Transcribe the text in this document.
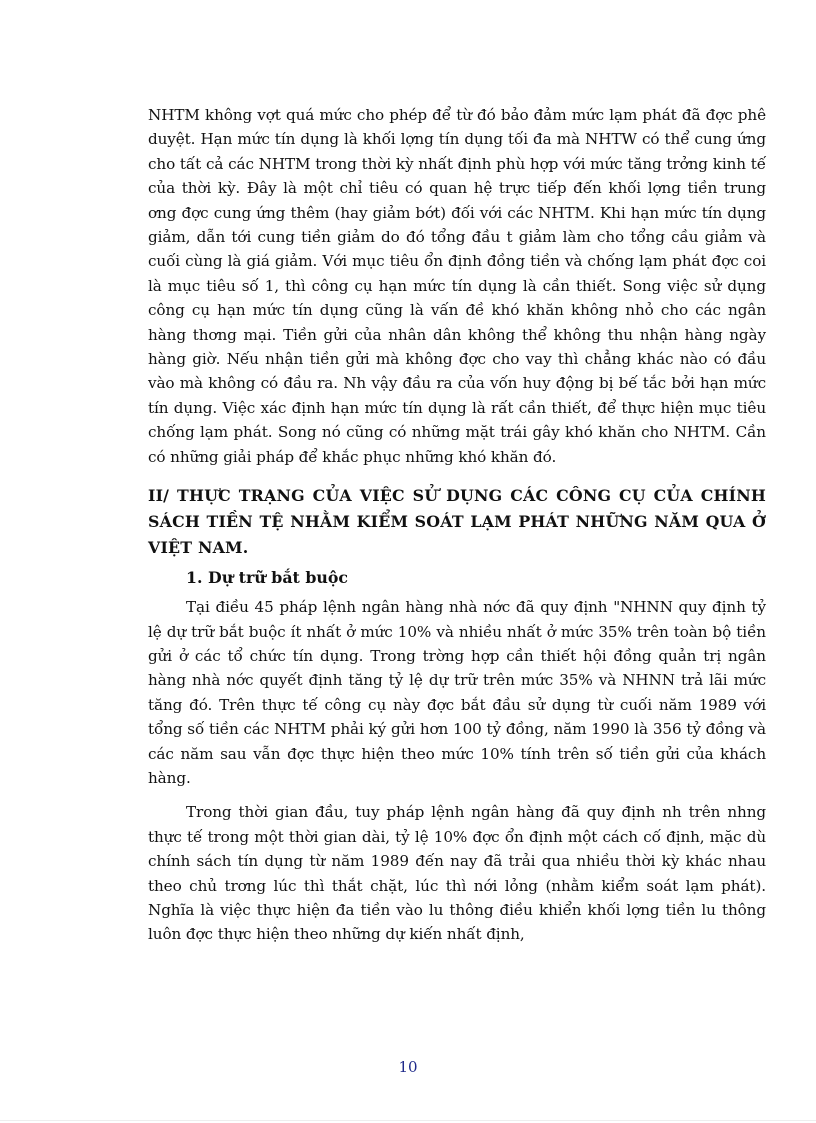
NHTM không vợt quá mức cho phép để từ đó bảo đảm mức lạm phát đã đợc phê duyệt. Hạn mức tín dụng là khối lợng tín dụng tối đa mà NHTW có thể cung ứng cho tất cả các NHTM trong thời kỳ nhất định phù hợp với mức tăng trởng kinh tế của thời kỳ. Đây là một chỉ tiêu có quan hệ trực tiếp đến khối lợng tiền trung ơng đợc cung ứng thêm (hay giảm bớt) đối với các NHTM. Khi hạn mức tín dụng giảm, dẫn tới cung tiền giảm do đó tổng đầu t giảm làm cho tổng cầu giảm và cuối cùng là giá giảm. Với mục tiêu ổn định đồng tiền và chống lạm phát đợc coi là mục tiêu số 1, thì công cụ hạn mức tín dụng là cần thiết. Song việc sử dụng công cụ hạn mức tín dụng cũng là vấn đề khó khăn không nhỏ cho các ngân hàng thơng mại. Tiền gửi của nhân dân không thể không thu nhận hàng ngày hàng giờ. Nếu nhận tiền gửi mà không đợc cho vay thì chẳng khác nào có đầu vào mà không có đầu ra. Nh vậy đầu ra của vốn huy động bị bế tắc bởi hạn mức tín dụng. Việc xác định hạn mức tín dụng là rất cần thiết, để thực hiện mục tiêu chống lạm phát. Song nó cũng có những mặt trái gây khó khăn cho NHTM. Cần có những giải pháp để khắc phục những khó khăn đó.

II/ THỰC TRẠNG CỦA VIỆC SỬ DỤNG CÁC CÔNG CỤ CỦA CHÍNH SÁCH TIỀN TỆ NHẰM KIỂM SOÁT LẠM PHÁT NHỮNG NĂM QUA Ở VIỆT NAM.
1. Dự trữ bắt buộc

Tại điều 45 pháp lệnh ngân hàng nhà nớc đã quy định "NHNN quy định tỷ lệ dự trữ bắt buộc ít nhất ở mức 10% và nhiều nhất ở mức 35% trên toàn bộ tiền gửi ở các tổ chức tín dụng. Trong trờng hợp cần thiết hội đồng quản trị ngân hàng nhà nớc quyết định tăng tỷ lệ dự trữ trên mức 35% và NHNN trả lãi mức tăng đó. Trên thực tế công cụ này đợc bắt đầu sử dụng từ cuối năm 1989 với tổng số tiền các NHTM phải ký gửi hơn 100 tỷ đồng, năm 1990 là 356 tỷ đồng và các năm sau vẫn đợc thực hiện theo mức 10% tính trên số tiền gửi của khách hàng.

Trong thời gian đầu, tuy pháp lệnh ngân hàng đã quy định nh trên nhng thực tế trong một thời gian dài, tỷ lệ 10% đợc ổn định một cách cố định, mặc dù chính sách tín dụng từ năm 1989 đến nay đã trải qua nhiều thời kỳ khác nhau theo chủ trơng lúc thì thắt chặt, lúc thì nới lỏng (nhằm kiểm soát lạm phát). Nghĩa là việc thực hiện đa tiền vào lu thông điều khiển khối lợng tiền lu thông luôn đợc thực hiện theo những dự kiến nhất định,

10
